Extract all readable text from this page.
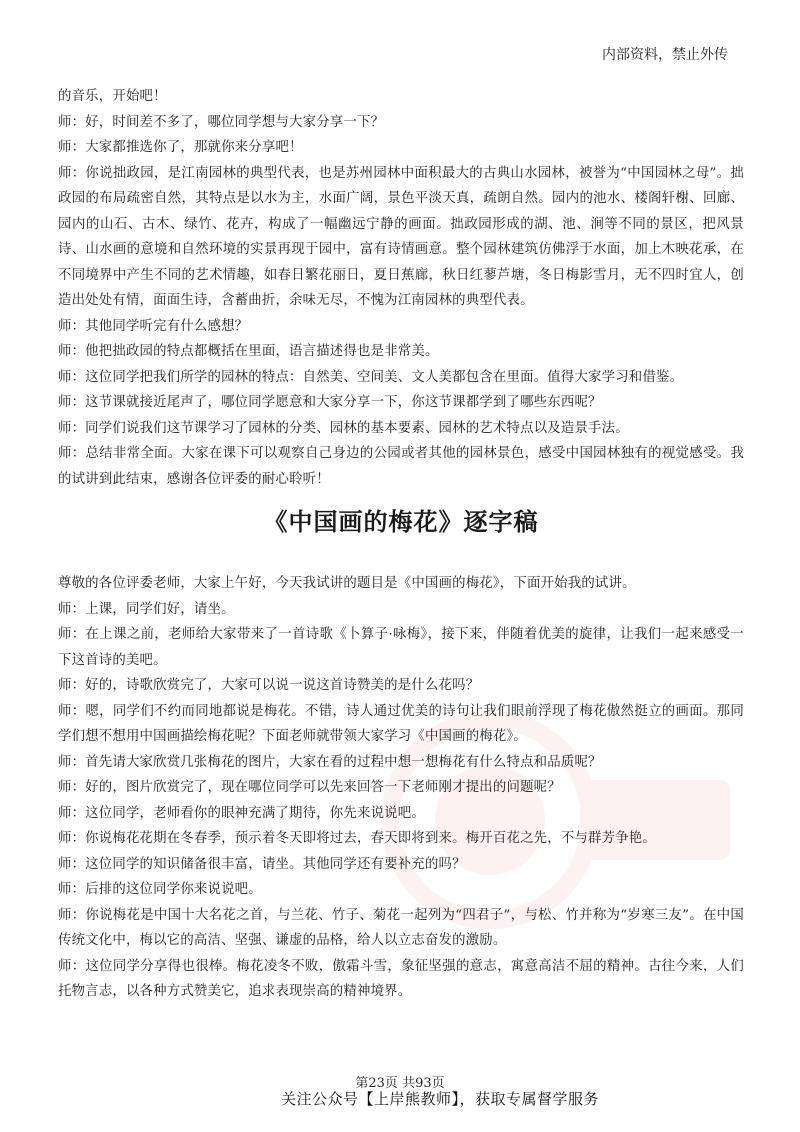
内部资料，禁止外传

的音乐，开始吧！

师：好，时间差不多了，哪位同学想与大家分享一下？

师：大家都推选你了，那就你来分享吧！

师：你说拙政园，是江南园林的典型代表，也是苏州园林中面积最大的古典山水园林，被誉为“中国园林之母”。拙政园的布局疏密自然，其特点是以水为主，水面广阔，景色平淡天真，疏朗自然。园内的池水、楼阁轩榭、回廊、园内的山石、古木、绿竹、花卉，构成了一幅幽远宁静的画面。拙政园形成的湖、池、涧等不同的景区，把风景诗、山水画的意境和自然环境的实景再现于园中，富有诗情画意。整个园林建筑仿佛浮于水面，加上木映花承，在不同境界中产生不同的艺术情趣，如春日繁花丽日，夏日蕉廊，秋日红蓼芦塘，冬日梅影雪月，无不四时宜人，创造出处处有情，面面生诗，含蓄曲折，余味无尽，不愧为江南园林的典型代表。

师：其他同学听完有什么感想？

师：他把拙政园的特点都概括在里面，语言描述得也是非常美。

师：这位同学把我们所学的园林的特点：自然美、空间美、文人美都包含在里面。值得大家学习和借鉴。

师：这节课就接近尾声了，哪位同学愿意和大家分享一下，你这节课都学到了哪些东西呢？

师：同学们说我们这节课学习了园林的分类、园林的基本要素、园林的艺术特点以及造景手法。

师：总结非常全面。大家在课下可以观察自己身边的公园或者其他的园林景色，感受中国园林独有的视觉感受。我的试讲到此结束，感谢各位评委的耐心聆听！

《中国画的梅花》逐字稿

尊敬的各位评委老师，大家上午好，今天我试讲的题目是《中国画的梅花》，下面开始我的试讲。

师：上课，同学们好，请坐。

师：在上课之前，老师给大家带来了一首诗歌《卜算子·咏梅》，接下来，伴随着优美的旋律，让我们一起来感受一下这首诗的美吧。

师：好的，诗歌欣赏完了，大家可以说一说这首诗赞美的是什么花吗？

师：嗯，同学们不约而同地都说是梅花。不错，诗人通过优美的诗句让我们眼前浮现了梅花傲然挺立的画面。那同学们想不想用中国画描绘梅花呢？下面老师就带领大家学习《中国画的梅花》。

师：首先请大家欣赏几张梅花的图片，大家在看的过程中想一想梅花有什么特点和品质呢？

师：好的，图片欣赏完了，现在哪位同学可以先来回答一下老师刚才提出的问题呢？

师：这位同学，老师看你的眼神充满了期待，你先来说说吧。

师：你说梅花花期在冬春季，预示着冬天即将过去，春天即将到来。梅开百花之先，不与群芳争艳。

师：这位同学的知识储备很丰富，请坐。其他同学还有要补充的吗？

师：后排的这位同学你来说说吧。

师：你说梅花是中国十大名花之首，与兰花、竹子、菊花一起列为“四君子”，与松、竹并称为“岁寒三友”。在中国传统文化中，梅以它的高洁、坚强、谦虚的品格，给人以立志奋发的激励。

师：这位同学分享得也很棒。梅花凌冬不败，傲霜斗雪，象征坚强的意志，寓意高洁不屈的精神。古往今来，人们托物言志，以各种方式赞美它，追求表现崇高的精神境界。

第23页 共93页
关注公众号【上岸熊教师】，获取专属督学服务
